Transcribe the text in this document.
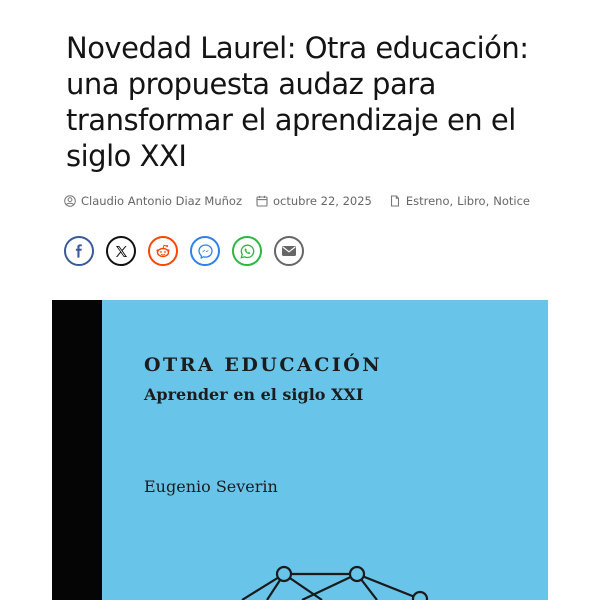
Novedad Laurel: Otra educación: una propuesta audaz para transformar el aprendizaje en el siglo XXI
Claudio Antonio Diaz Muñoz	octubre 22, 2025	Estreno , Libro , Notice
OTRA EDUCACIÓN
Aprender en el siglo XXI
Eugenio Severin
